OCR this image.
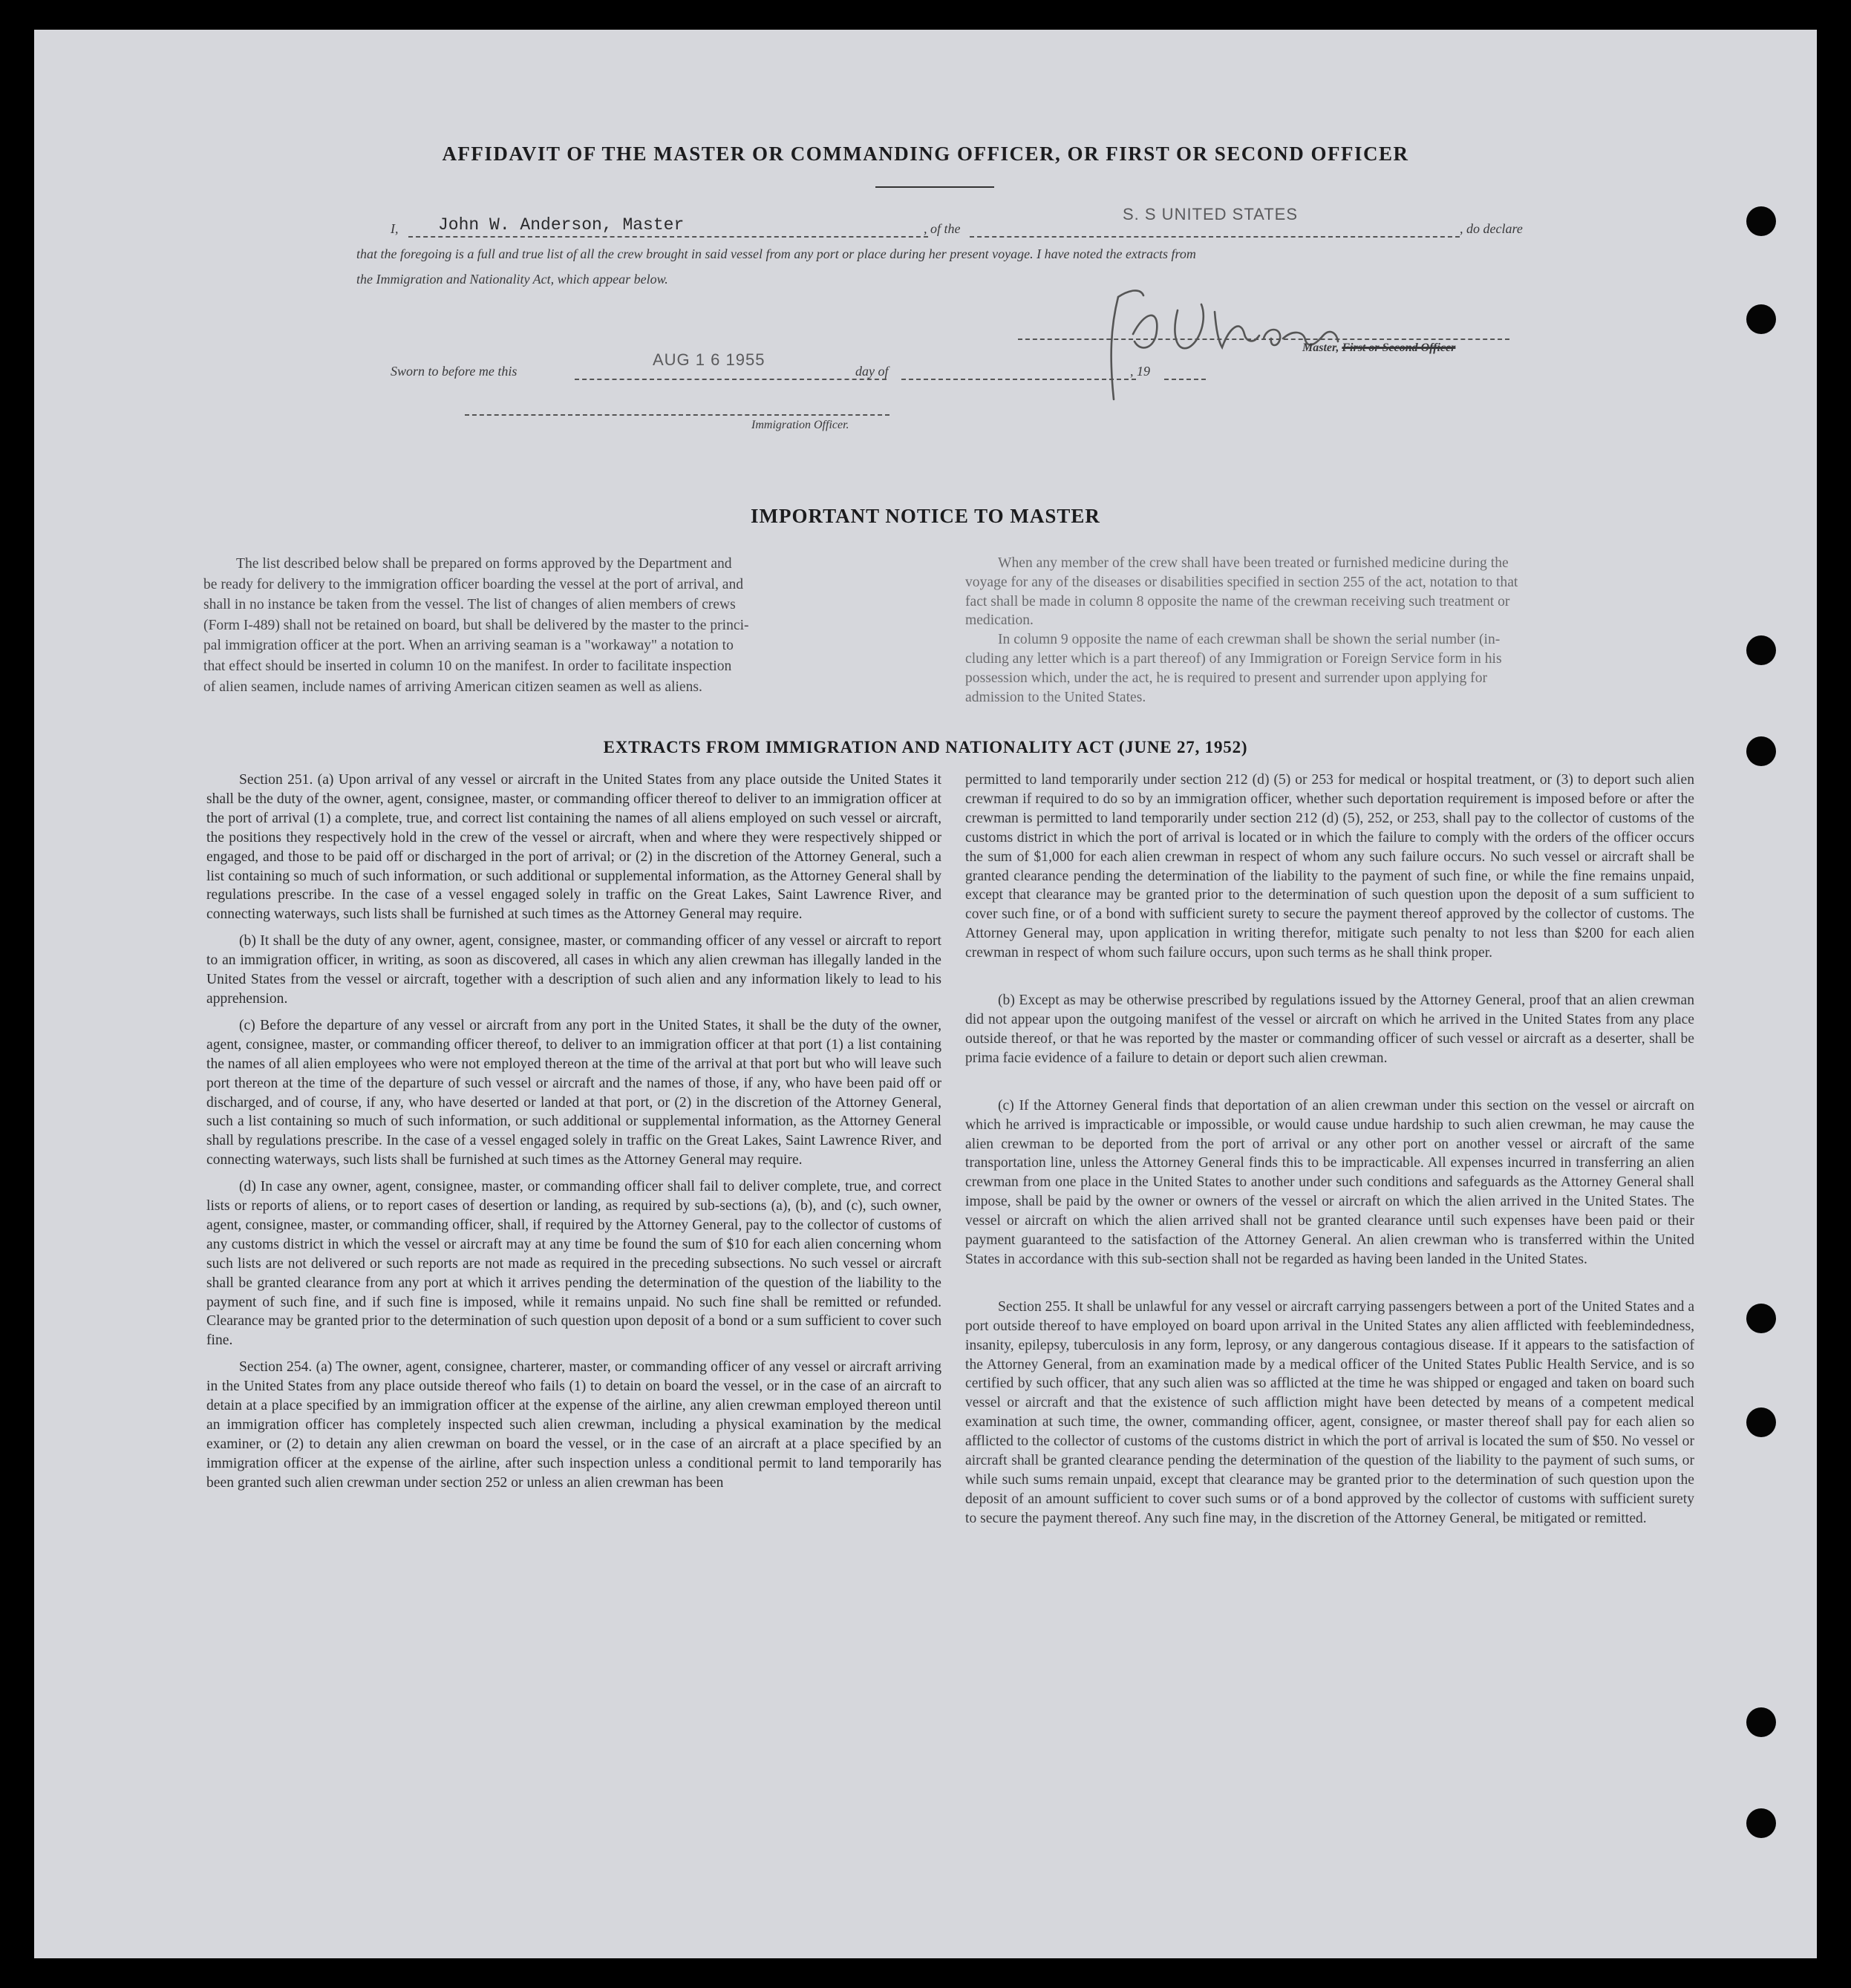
AFFIDAVIT OF THE MASTER OR COMMANDING OFFICER, OR FIRST OR SECOND OFFICER
I, John W. Anderson, Master	, of the
S. S UNITED STATES
, do declare
that the foregoing is a full and true list of all the crew brought in said vessel from any port or place during her present voyage. I have noted the extracts from
the Immigration and Nationality Act, which appear below.
Master, First or Second Officer
Sworn to before me this
AUG 1 6 1955
day of	, 19
Immigration Officer.
IMPORTANT NOTICE TO MASTER
The list described below shall be prepared on forms approved by the Department and
be ready for delivery to the immigration officer boarding the vessel at the port of arrival, and
shall in no instance be taken from the vessel. The list of changes of alien members of crews
(Form I-489) shall not be retained on board, but shall be delivered by the master to the princi-
pal immigration officer at the port. When an arriving seaman is a "workaway" a notation to
that effect should be inserted in column 10 on the manifest. In order to facilitate inspection
of alien seamen, include names of arriving American citizen seamen as well as aliens.
When any member of the crew shall have been treated or furnished medicine during the
voyage for any of the diseases or disabilities specified in section 255 of the act, notation to that
fact shall be made in column 8 opposite the name of the crewman receiving such treatment or
medication.
In column 9 opposite the name of each crewman shall be shown the serial number (in-
cluding any letter which is a part thereof) of any Immigration or Foreign Service form in his
possession which, under the act, he is required to present and surrender upon applying for
admission to the United States.
EXTRACTS FROM IMMIGRATION AND NATIONALITY ACT (JUNE 27, 1952)

Section 251. (a) Upon arrival of any vessel or aircraft in the United States from any place outside the United States it shall be the duty of the owner, agent, consignee, master, or commanding officer thereof to deliver to an immigration officer at the port of arrival (1) a complete, true, and correct list containing the names of all aliens employed on such vessel or aircraft, the positions they respectively hold in the crew of the vessel or aircraft, when and where they were respectively shipped or engaged, and those to be paid off or discharged in the port of arrival; or (2) in the discretion of the Attorney General, such a list containing so much of such information, or such additional or supplemental information, as the Attorney General shall by regulations prescribe. In the case of a vessel engaged solely in traffic on the Great Lakes, Saint Lawrence River, and connecting waterways, such lists shall be furnished at such times as the Attorney General may require.

(b) It shall be the duty of any owner, agent, consignee, master, or commanding officer of any vessel or aircraft to report to an immigration officer, in writing, as soon as discovered, all cases in which any alien crewman has illegally landed in the United States from the vessel or aircraft, together with a description of such alien and any information likely to lead to his apprehension.

(c) Before the departure of any vessel or aircraft from any port in the United States, it shall be the duty of the owner, agent, consignee, master, or commanding officer thereof, to deliver to an immigration officer at that port (1) a list containing the names of all alien employees who were not employed thereon at the time of the arrival at that port but who will leave such port thereon at the time of the departure of such vessel or aircraft and the names of those, if any, who have been paid off or discharged, and of course, if any, who have deserted or landed at that port, or (2) in the discretion of the Attorney General, such a list containing so much of such information, or such additional or supplemental information, as the Attorney General shall by regulations prescribe. In the case of a vessel engaged solely in traffic on the Great Lakes, Saint Lawrence River, and connecting waterways, such lists shall be furnished at such times as the Attorney General may require.

(d) In case any owner, agent, consignee, master, or commanding officer shall fail to deliver complete, true, and correct lists or reports of aliens, or to report cases of desertion or landing, as required by sub-sections (a), (b), and (c), such owner, agent, consignee, master, or commanding officer, shall, if required by the Attorney General, pay to the collector of customs of any customs district in which the vessel or aircraft may at any time be found the sum of $10 for each alien concerning whom such lists are not delivered or such reports are not made as required in the preceding subsections. No such vessel or aircraft shall be granted clearance from any port at which it arrives pending the determination of the question of the liability to the payment of such fine, and if such fine is imposed, while it remains unpaid. No such fine shall be remitted or refunded. Clearance may be granted prior to the determination of such question upon deposit of a bond or a sum sufficient to cover such fine.

Section 254. (a) The owner, agent, consignee, charterer, master, or commanding officer of any vessel or aircraft arriving in the United States from any place outside thereof who fails (1) to detain on board the vessel, or in the case of an aircraft to detain at a place specified by an immigration officer at the expense of the airline, any alien crewman employed thereon until an immigration officer has completely inspected such alien crewman, including a physical examination by the medical examiner, or (2) to detain any alien crewman on board the vessel, or in the case of an aircraft at a place specified by an immigration officer at the expense of the airline, after such inspection unless a conditional permit to land temporarily has been granted such alien crewman under section 252 or unless an alien crewman has been

permitted to land temporarily under section 212 (d) (5) or 253 for medical or hospital treatment, or (3) to deport such alien crewman if required to do so by an immigration officer, whether such deportation requirement is imposed before or after the crewman is permitted to land temporarily under section 212 (d) (5), 252, or 253, shall pay to the collector of customs of the customs district in which the port of arrival is located or in which the failure to comply with the orders of the officer occurs the sum of $1,000 for each alien crewman in respect of whom any such failure occurs. No such vessel or aircraft shall be granted clearance pending the determination of the liability to the payment of such fine, or while the fine remains unpaid, except that clearance may be granted prior to the determination of such question upon the deposit of a sum sufficient to cover such fine, or of a bond with sufficient surety to secure the payment thereof approved by the collector of customs. The Attorney General may, upon application in writing therefor, mitigate such penalty to not less than $200 for each alien crewman in respect of whom such failure occurs, upon such terms as he shall think proper.

(b) Except as may be otherwise prescribed by regulations issued by the Attorney General, proof that an alien crewman did not appear upon the outgoing manifest of the vessel or aircraft on which he arrived in the United States from any place outside thereof, or that he was reported by the master or commanding officer of such vessel or aircraft as a deserter, shall be prima facie evidence of a failure to detain or deport such alien crewman.

(c) If the Attorney General finds that deportation of an alien crewman under this section on the vessel or aircraft on which he arrived is impracticable or impossible, or would cause undue hardship to such alien crewman, he may cause the alien crewman to be deported from the port of arrival or any other port on another vessel or aircraft of the same transportation line, unless the Attorney General finds this to be impracticable. All expenses incurred in transferring an alien crewman from one place in the United States to another under such conditions and safeguards as the Attorney General shall impose, shall be paid by the owner or owners of the vessel or aircraft on which the alien arrived in the United States. The vessel or aircraft on which the alien arrived shall not be granted clearance until such expenses have been paid or their payment guaranteed to the satisfaction of the Attorney General. An alien crewman who is transferred within the United States in accordance with this sub-section shall not be regarded as having been landed in the United States.

Section 255. It shall be unlawful for any vessel or aircraft carrying passengers between a port of the United States and a port outside thereof to have employed on board upon arrival in the United States any alien afflicted with feeblemindedness, insanity, epilepsy, tuberculosis in any form, leprosy, or any dangerous contagious disease. If it appears to the satisfaction of the Attorney General, from an examination made by a medical officer of the United States Public Health Service, and is so certified by such officer, that any such alien was so afflicted at the time he was shipped or engaged and taken on board such vessel or aircraft and that the existence of such affliction might have been detected by means of a competent medical examination at such time, the owner, commanding officer, agent, consignee, or master thereof shall pay for each alien so afflicted to the collector of customs of the customs district in which the port of arrival is located the sum of $50. No vessel or aircraft shall be granted clearance pending the determination of the question of the liability to the payment of such sums, or while such sums remain unpaid, except that clearance may be granted prior to the determination of such question upon the deposit of an amount sufficient to cover such sums or of a bond approved by the collector of customs with sufficient surety to secure the payment thereof. Any such fine may, in the discretion of the Attorney General, be mitigated or remitted.
